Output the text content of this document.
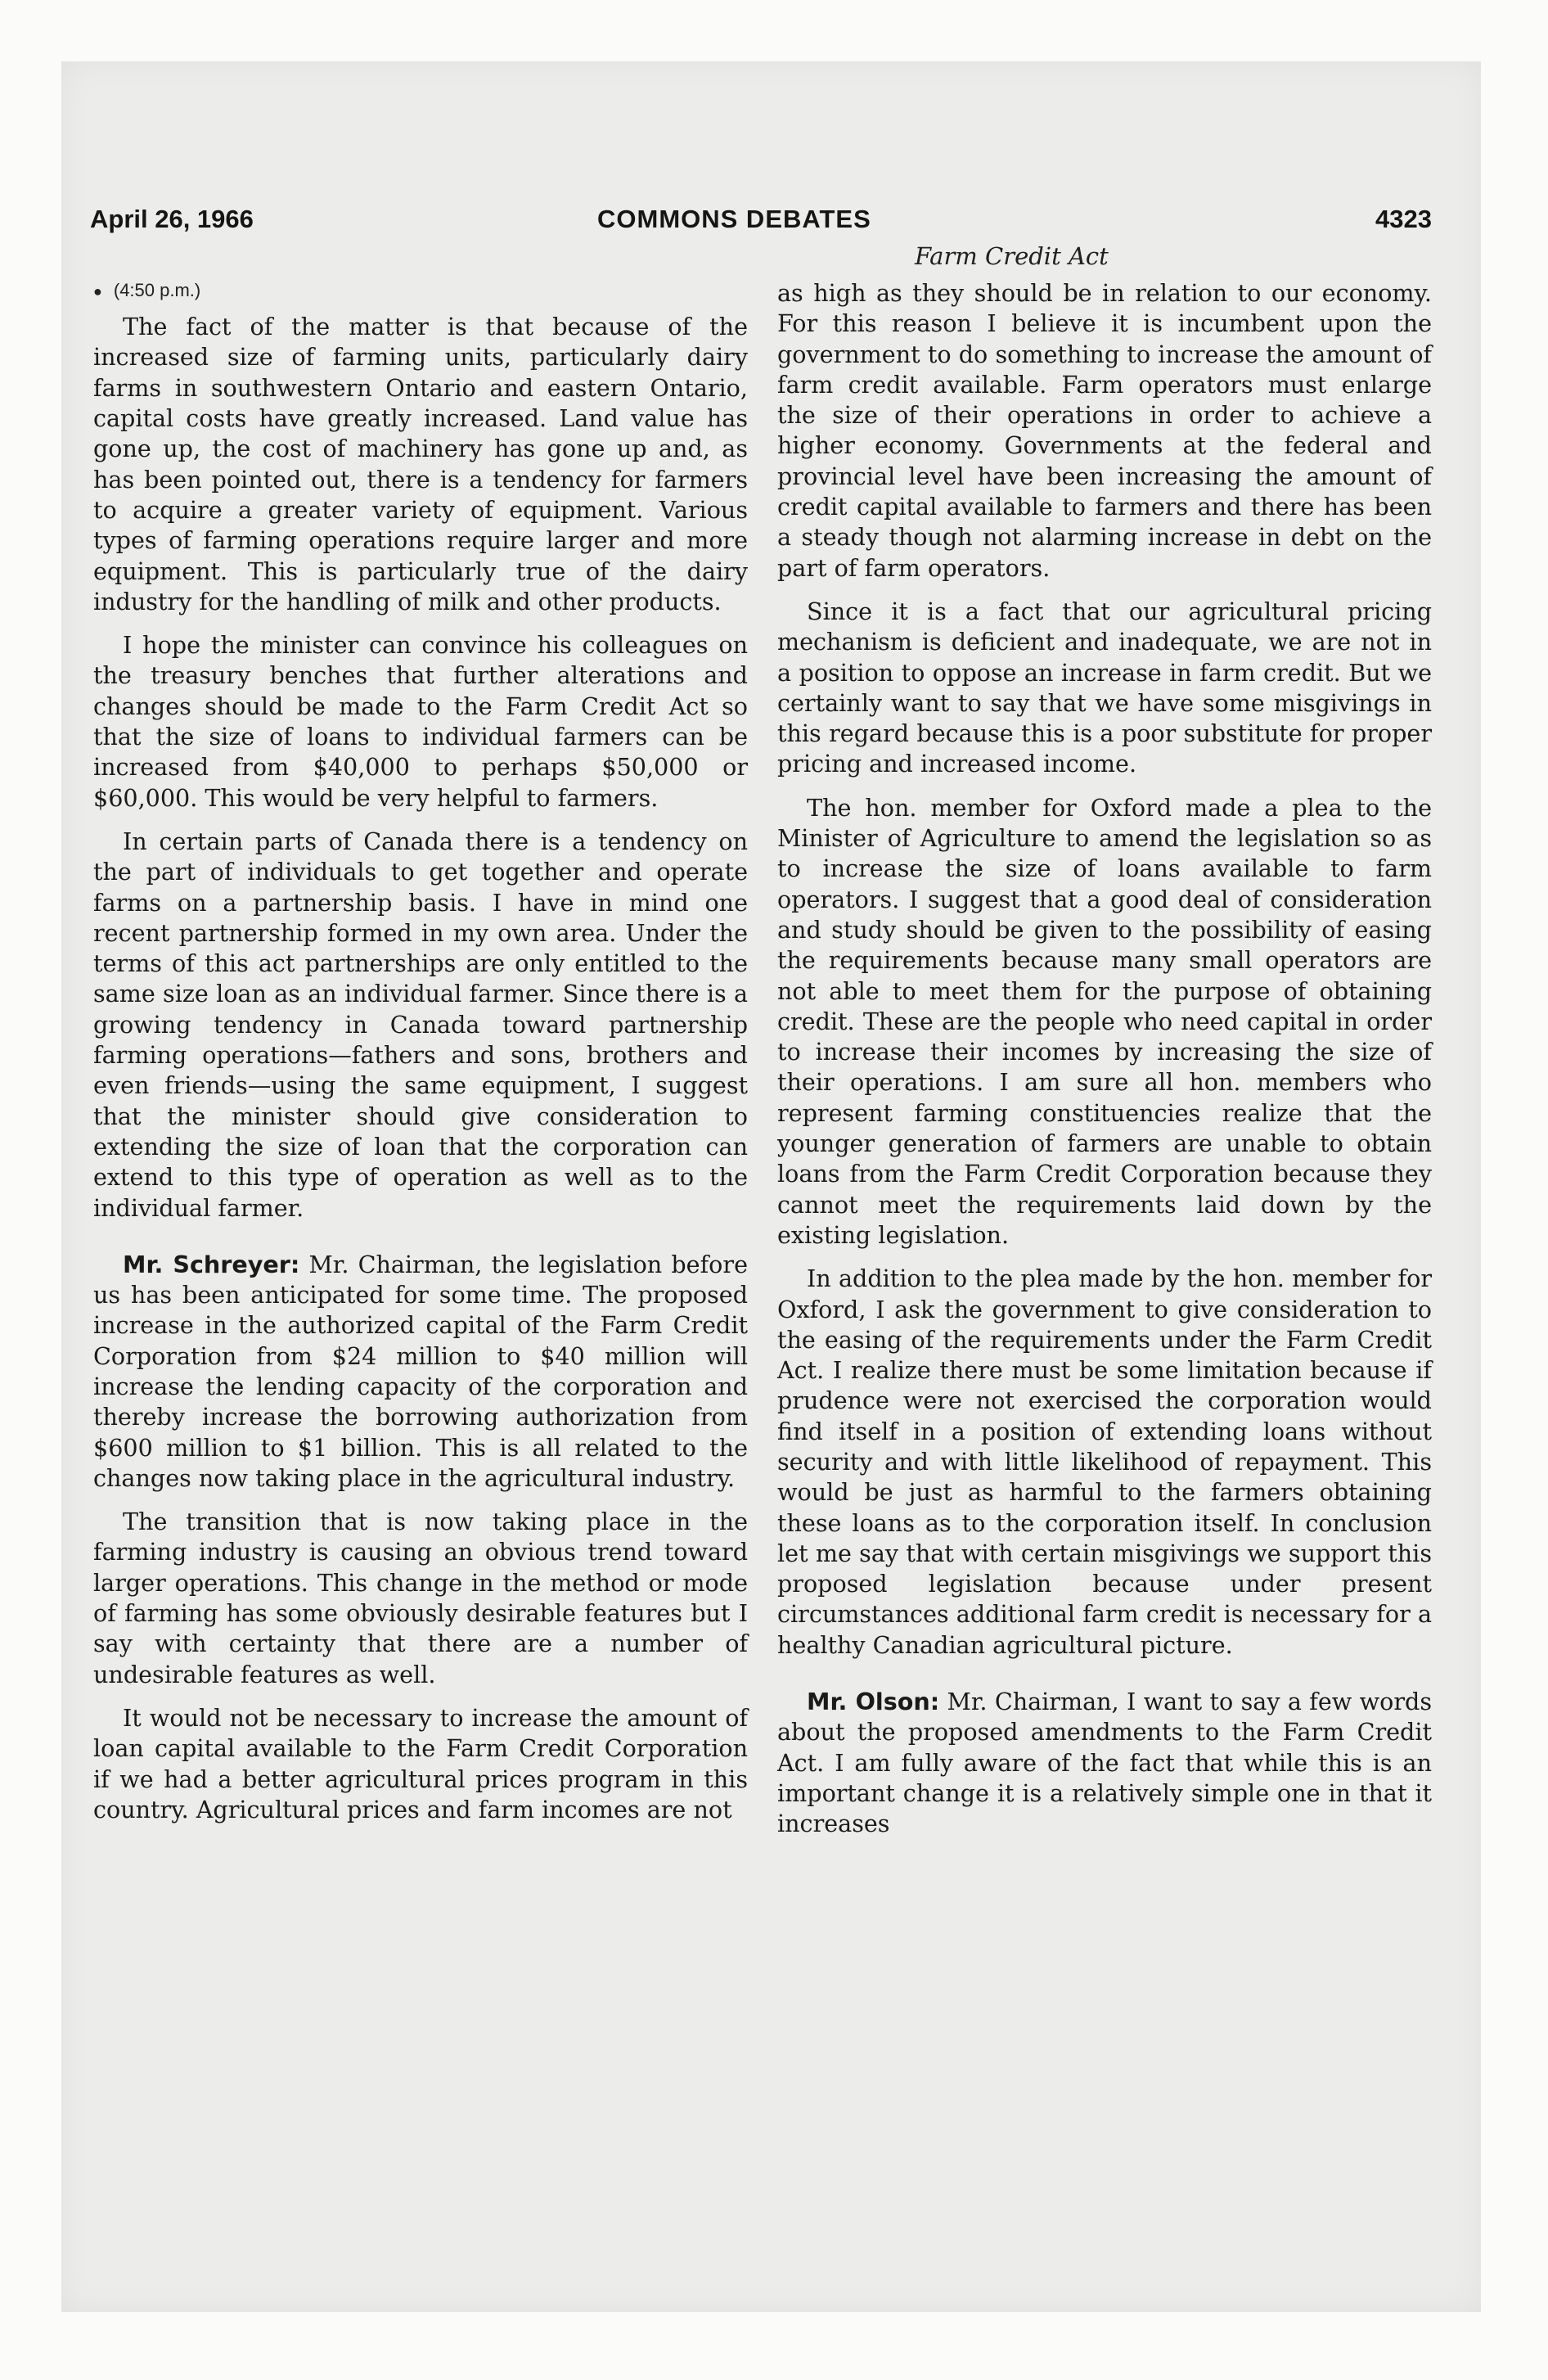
April 26, 1966	COMMONS DEBATES	4323
Farm Credit Act
● (4:50 p.m.)

The fact of the matter is that because of the increased size of farming units, particularly dairy farms in southwestern Ontario and eastern Ontario, capital costs have greatly increased. Land value has gone up, the cost of machinery has gone up and, as has been pointed out, there is a tendency for farmers to acquire a greater variety of equipment. Various types of farming operations require larger and more equipment. This is particularly true of the dairy industry for the handling of milk and other products.

I hope the minister can convince his colleagues on the treasury benches that further alterations and changes should be made to the Farm Credit Act so that the size of loans to individual farmers can be increased from $40,000 to perhaps $50,000 or $60,000. This would be very helpful to farmers.

In certain parts of Canada there is a tendency on the part of individuals to get together and operate farms on a partnership basis. I have in mind one recent partnership formed in my own area. Under the terms of this act partnerships are only entitled to the same size loan as an individual farmer. Since there is a growing tendency in Canada toward partnership farming operations—fathers and sons, brothers and even friends—using the same equipment, I suggest that the minister should give consideration to extending the size of loan that the corporation can extend to this type of operation as well as to the individual farmer.

Mr. Schreyer: Mr. Chairman, the legislation before us has been anticipated for some time. The proposed increase in the authorized capital of the Farm Credit Corporation from $24 million to $40 million will increase the lending capacity of the corporation and thereby increase the borrowing authorization from $600 million to $1 billion. This is all related to the changes now taking place in the agricultural industry.

The transition that is now taking place in the farming industry is causing an obvious trend toward larger operations. This change in the method or mode of farming has some obviously desirable features but I say with certainty that there are a number of undesirable features as well.

It would not be necessary to increase the amount of loan capital available to the Farm Credit Corporation if we had a better agricultural prices program in this country. Agricultural prices and farm incomes are not

as high as they should be in relation to our economy. For this reason I believe it is incumbent upon the government to do something to increase the amount of farm credit available. Farm operators must enlarge the size of their operations in order to achieve a higher economy. Governments at the federal and provincial level have been increasing the amount of credit capital available to farmers and there has been a steady though not alarming increase in debt on the part of farm operators.

Since it is a fact that our agricultural pricing mechanism is deficient and inadequate, we are not in a position to oppose an increase in farm credit. But we certainly want to say that we have some misgivings in this regard because this is a poor substitute for proper pricing and increased income.

The hon. member for Oxford made a plea to the Minister of Agriculture to amend the legislation so as to increase the size of loans available to farm operators. I suggest that a good deal of consideration and study should be given to the possibility of easing the requirements because many small operators are not able to meet them for the purpose of obtaining credit. These are the people who need capital in order to increase their incomes by increasing the size of their operations. I am sure all hon. members who represent farming constituencies realize that the younger generation of farmers are unable to obtain loans from the Farm Credit Corporation because they cannot meet the requirements laid down by the existing legislation.

In addition to the plea made by the hon. member for Oxford, I ask the government to give consideration to the easing of the requirements under the Farm Credit Act. I realize there must be some limitation because if prudence were not exercised the corporation would find itself in a position of extending loans without security and with little likelihood of repayment. This would be just as harmful to the farmers obtaining these loans as to the corporation itself. In conclusion let me say that with certain misgivings we support this proposed legislation because under present circumstances additional farm credit is necessary for a healthy Canadian agricultural picture.

Mr. Olson: Mr. Chairman, I want to say a few words about the proposed amendments to the Farm Credit Act. I am fully aware of the fact that while this is an important change it is a relatively simple one in that it increases
